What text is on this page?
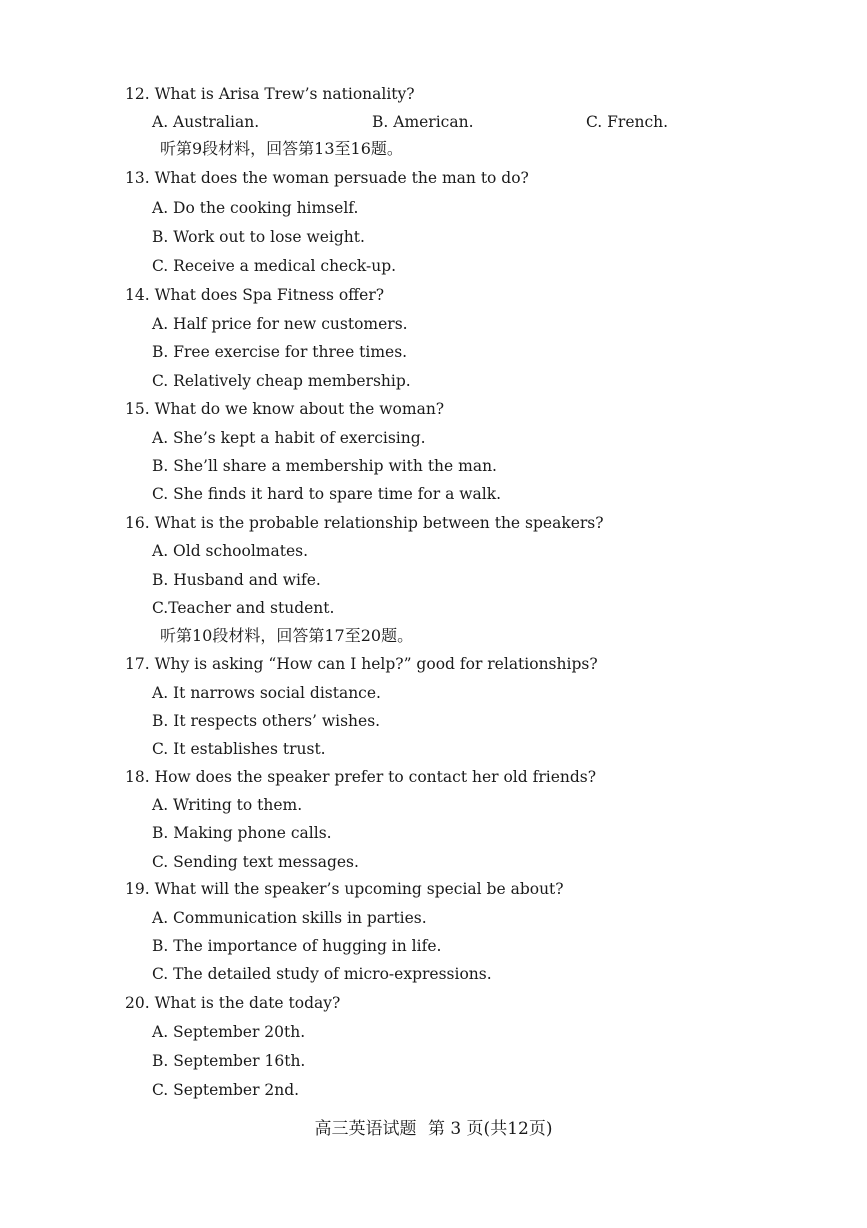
12. What is Arisa Trew’s nationality?
A. Australian.	B. American.	C. French.
听第9段材料，回答第13至16题。
13. What does the woman persuade the man to do?
A. Do the cooking himself.
B. Work out to lose weight.
C. Receive a medical check-up.
14. What does Spa Fitness offer?
A. Half price for new customers.
B. Free exercise for three times.
C. Relatively cheap membership.
15. What do we know about the woman?
A. She’s kept a habit of exercising.
B. She’ll share a membership with the man.
C. She finds it hard to spare time for a walk.
16. What is the probable relationship between the speakers?
A. Old schoolmates.
B. Husband and wife.
C.Teacher and student.
听第10段材料，回答第17至20题。
17. Why is asking “How can I help?” good for relationships?
A. It narrows social distance.
B. It respects others’ wishes.
C. It establishes trust.
18. How does the speaker prefer to contact her old friends?
A. Writing to them.
B. Making phone calls.
C. Sending text messages.
19. What will the speaker’s upcoming special be about?
A. Communication skills in parties.
B. The importance of hugging in life.
C. The detailed study of micro-expressions.
20. What is the date today?
A. September 20th.
B. September 16th.
C. September 2nd.
高三英语试题 第 3 页(共12页)
